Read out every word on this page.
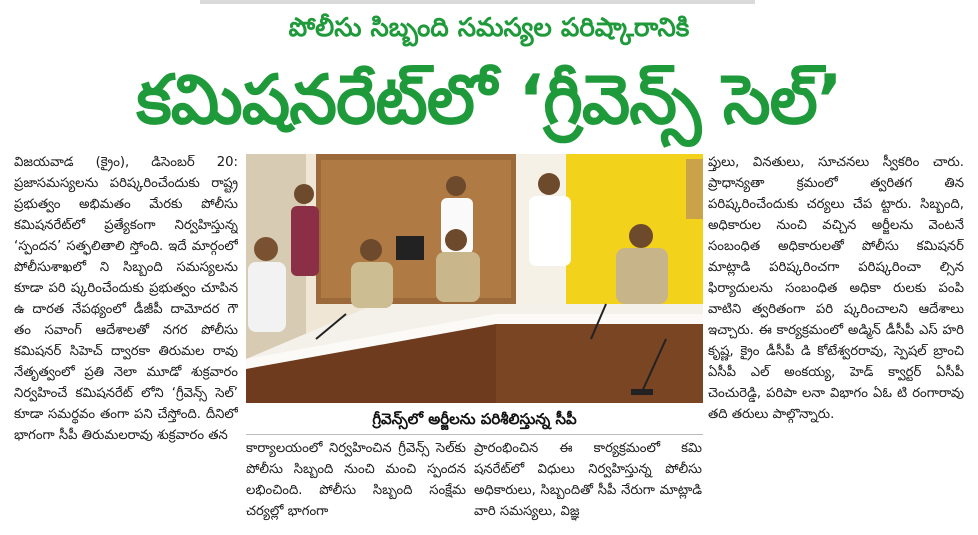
పోలీసు సిబ్బంది సమస్యల పరిష్కారానికి
కమిషనరేట్‌లో ‘గ్రీవెన్స్ సెల్’

విజయవాడ (క్రైం), డిసెంబర్ 20: ప్రజాసమస్యలను పరిష్కరించేందుకు రాష్ట్ర ప్రభుత్వం అభిమతం మేరకు పోలీసు కమిషనరేట్‌లో ప్రత్యేకంగా నిర్వహిస్తున్న ‘స్పందన’ సత్ఫలితాలి స్తోంది. ఇదే మార్గంలో పోలీసుశాఖలో ని సిబ్బంది సమస్యలను కూడా పరి ష్కరించేందుకు ప్రభుత్వం చూపిన ఉ దారత నేపథ్యంలో డీజీపీ దామోదర గౌ తం సవాంగ్ ఆదేశాలతో నగర పోలీసు కమిషనర్ సిహెచ్ ద్వారకా తిరుమల రావు నేతృత్వంలో ప్రతి నెలా మూడో శుక్రవారం నిర్వహించే కమిషనరేట్ లోని ‘గ్రీవెన్స్ సెల్’ కూడా సమర్థవం తంగా పని చేస్తోంది. దీనిలో భాగంగా సీపీ తిరుమలరావు శుక్రవారం తన

గ్రీవెన్స్‌లో అర్జీలను పరిశీలిస్తున్న సీపీ

కార్యాలయంలో నిర్వహించిన గ్రీవెన్స్ సెల్‌కు పోలీసు సిబ్బంది నుంచి మంచి స్పందన లభించింది. పోలీసు సిబ్బంది సంక్షేమ చర్యల్లో భాగంగా

ప్రారంభించిన ఈ కార్యక్రమంలో కమి షనరేట్‌లో విధులు నిర్వహిస్తున్న పోలీసు అధికారులు, సిబ్బందితో సీపీ నేరుగా మాట్లాడి వారి సమస్యలు, విజ్ఞ

ప్తులు, వినతులు, సూచనలు స్వీకరిం చారు. ప్రాధాన్యతా క్రమంలో త్వరితగ తిన పరిష్కరించేందుకు చర్యలు చేప ట్టారు. సిబ్బంది, అధికారుల నుంచి వచ్చిన అర్జీలను వెంటనే సంబంధిత అధికారులతో పోలీసు కమిషనర్ మాట్లాడి పరిష్కరించగా పరిష్కరించా ల్సిన ఫిర్యాదులను సంబంధిత అధికా రులకు పంపి వాటిని త్వరితంగా పరి ష్కరించాలని ఆదేశాలు ఇచ్చారు. ఈ కార్యక్రమంలో అడ్మిన్ డీసీపీ ఎస్ హరి కృష్ణ, క్రైం డీసీపీ డి కోటేశ్వరరావు, స్పెషల్ బ్రాంచి ఏసీపీ ఎల్ అంకయ్య, హెడ్ క్వార్టర్ ఏసీపీ చెంచురెడ్డి, పరిపా లనా విభాగం ఏఓ టి రంగారావు తది తరులు పాల్గొన్నారు.
